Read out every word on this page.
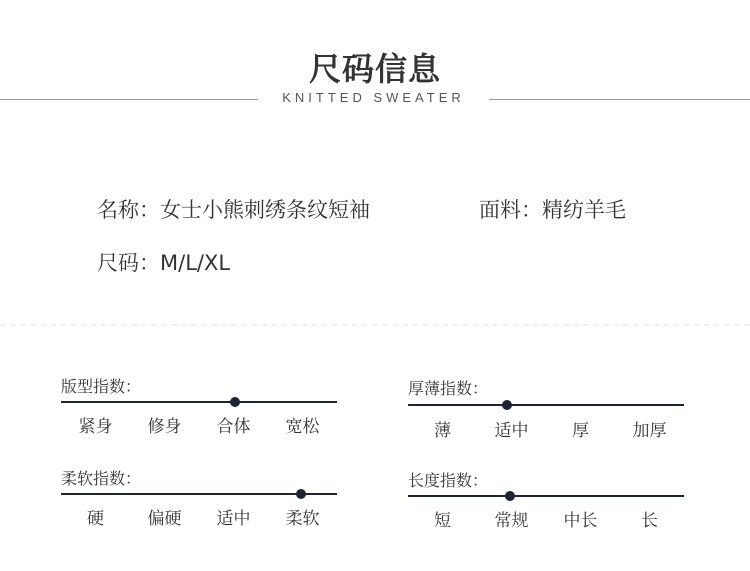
尺码信息
KNITTED SWEATER
名称：女士小熊刺绣条纹短袖	面料：精纺羊毛
尺码：M/L/XL
版型指数：
紧身	修身	合体	宽松
厚薄指数：
薄	适中	厚	加厚
柔软指数：
硬	偏硬	适中	柔软
长度指数：
短	常规	中长	长
